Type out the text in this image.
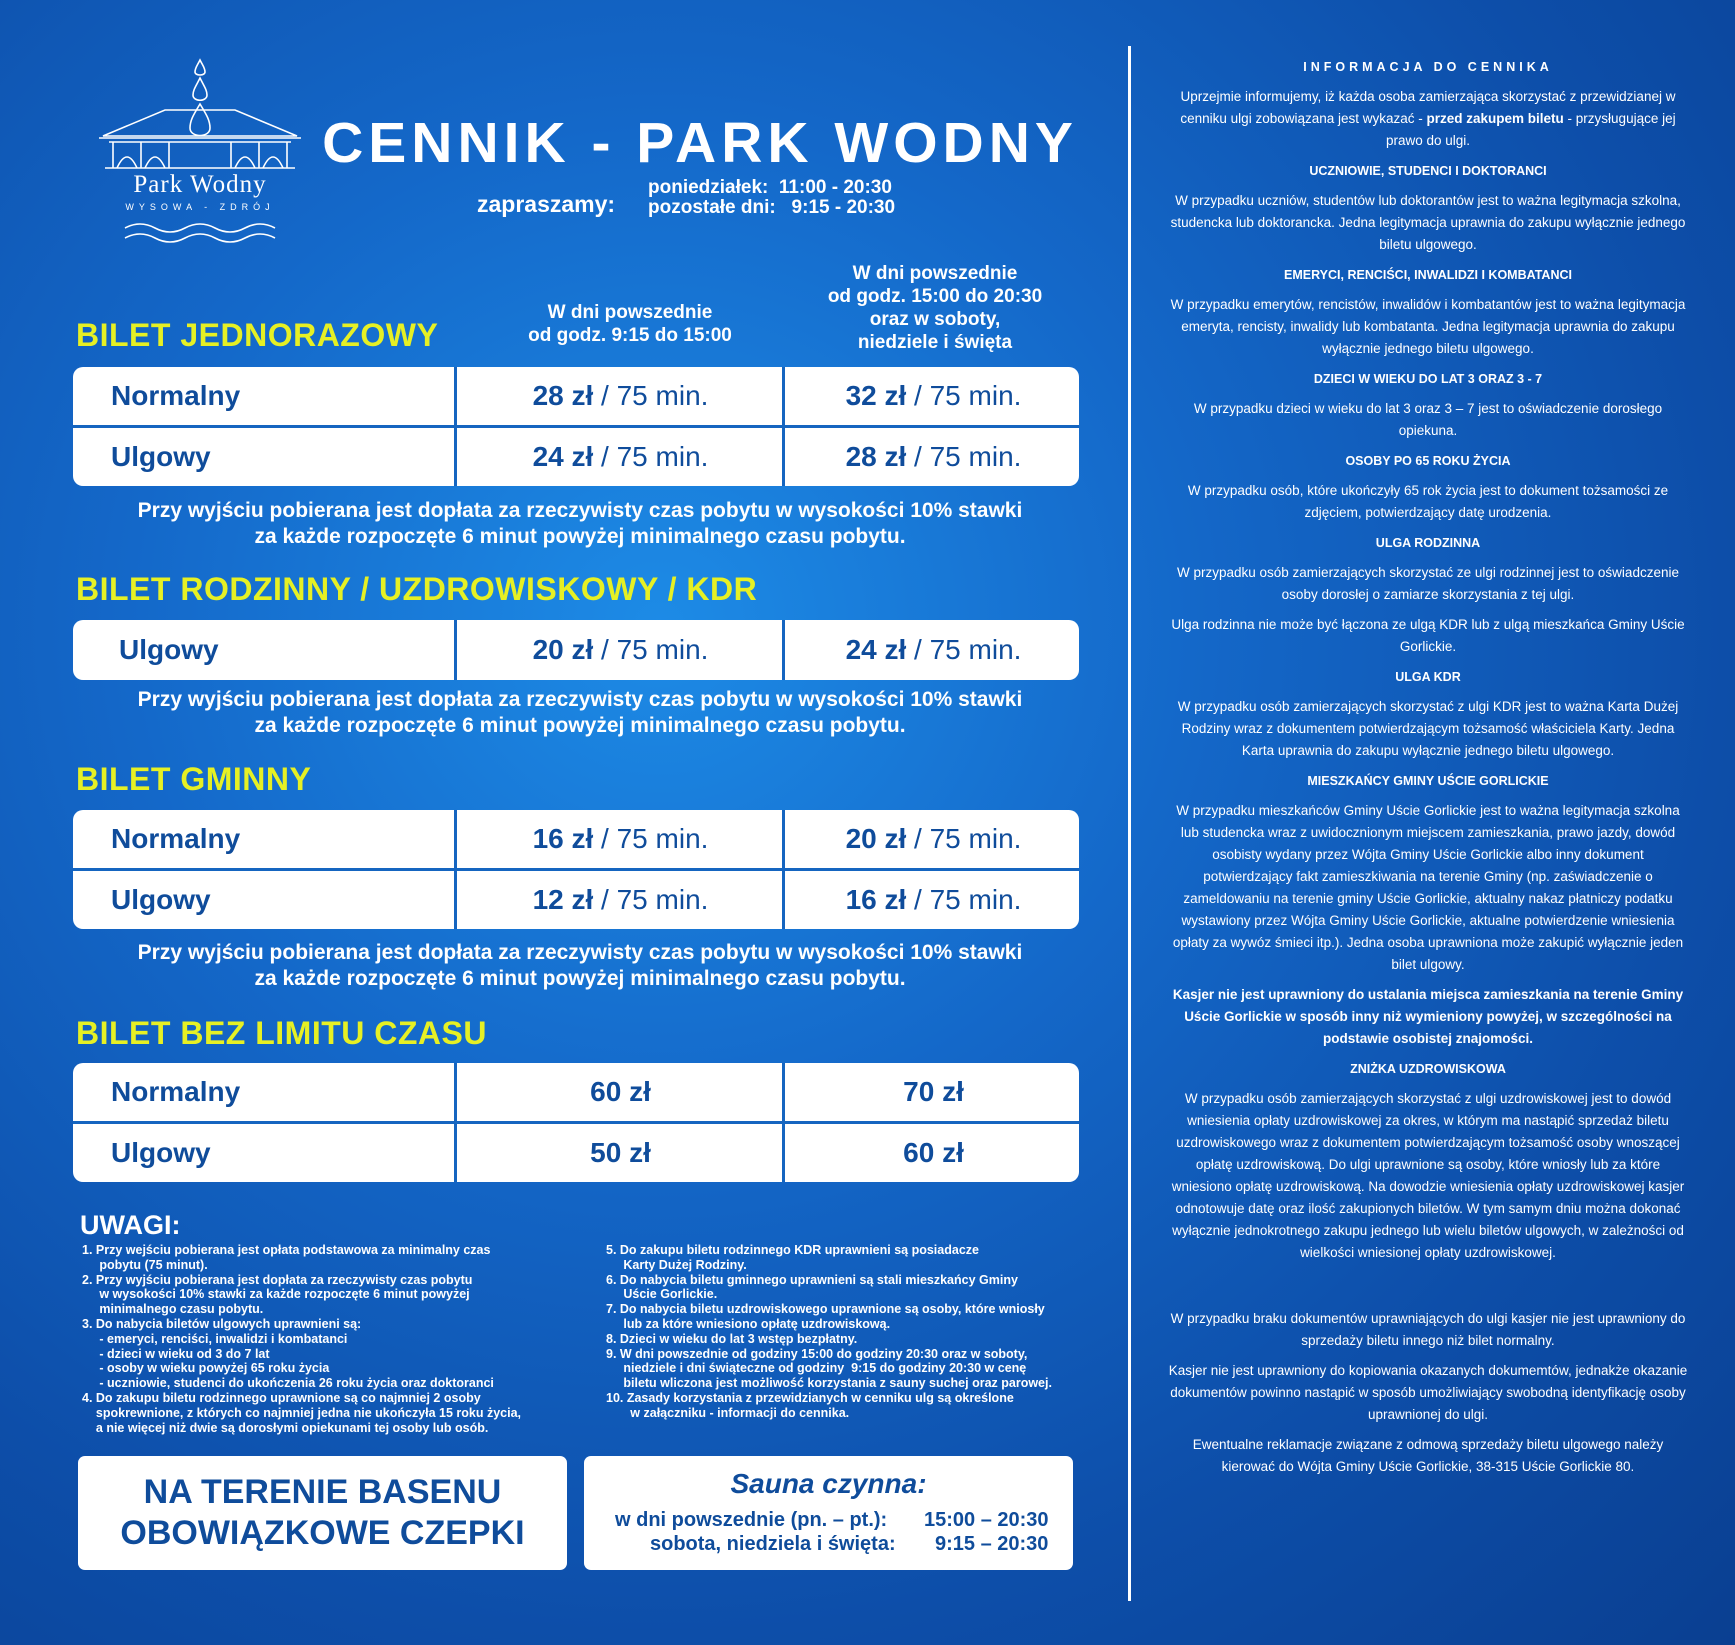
Park Wodny
WYSOWA - ZDRÓJ
CENNIK - PARK WODNY
zapraszamy:
poniedziałek:  11:00 - 20:30
pozostałe dni:   9:15 - 20:30
W dni powszednie
od godz. 9:15 do 15:00
W dni powszednie
od godz. 15:00 do 20:30
oraz w soboty,
niedziele i święta
BILET JEDNORAZOWY
Normalny	28 zł / 75 min.	32 zł / 75 min.
Ulgowy	24 zł / 75 min.	28 zł / 75 min.
Przy wyjściu pobierana jest dopłata za rzeczywisty czas pobytu w wysokości 10% stawki
za każde rozpoczęte 6 minut powyżej minimalnego czasu pobytu.
BILET RODZINNY / UZDROWISKOWY / KDR
Ulgowy	20 zł / 75 min.	24 zł / 75 min.
Przy wyjściu pobierana jest dopłata za rzeczywisty czas pobytu w wysokości 10% stawki
za każde rozpoczęte 6 minut powyżej minimalnego czasu pobytu.
BILET GMINNY
Normalny	16 zł / 75 min.	20 zł / 75 min.
Ulgowy	12 zł / 75 min.	16 zł / 75 min.
Przy wyjściu pobierana jest dopłata za rzeczywisty czas pobytu w wysokości 10% stawki
za każde rozpoczęte 6 minut powyżej minimalnego czasu pobytu.
BILET BEZ LIMITU CZASU
Normalny	60 zł	70 zł
Ulgowy	50 zł	60 zł
UWAGI:
1. Przy wejściu pobierana jest opłata podstawowa za minimalny czas
pobytu (75 minut).
2. Przy wyjściu pobierana jest dopłata za rzeczywisty czas pobytu
w wysokości 10% stawki za każde rozpoczęte 6 minut powyżej
minimalnego czasu pobytu.
3. Do nabycia biletów ulgowych uprawnieni są:
- emeryci, renciści, inwalidzi i kombatanci
- dzieci w wieku od 3 do 7 lat
- osoby w wieku powyżej 65 roku życia
- uczniowie, studenci do ukończenia 26 roku życia oraz doktoranci
4. Do zakupu biletu rodzinnego uprawnione są co najmniej 2 osoby
spokrewnione, z których co najmniej jedna nie ukończyła 15 roku życia,
a nie więcej niż dwie są dorosłymi opiekunami tej osoby lub osób.
5. Do zakupu biletu rodzinnego KDR uprawnieni są posiadacze
Karty Dużej Rodziny.
6. Do nabycia biletu gminnego uprawnieni są stali mieszkańcy Gminy
Uście Gorlickie.
7. Do nabycia biletu uzdrowiskowego uprawnione są osoby, które wniosły
lub za które wniesiono opłatę uzdrowiskową.
8. Dzieci w wieku do lat 3 wstęp bezpłatny.
9. W dni powszednie od godziny 15:00 do godziny 20:30 oraz w soboty,
niedziele i dni świąteczne od godziny  9:15 do godziny 20:30 w cenę
biletu wliczona jest możliwość korzystania z sauny suchej oraz parowej.
10. Zasady korzystania z przewidzianych w cenniku ulg są określone
w załączniku - informacji do cennika.
NA TERENIE BASENU
OBOWIĄZKOWE CZEPKI
Sauna czynna:
w dni powszednie (pn. – pt.): 15:00 – 20:30
sobota, niedziela i święta: 9:15 – 20:30
INFORMACJA DO CENNIKA
Uprzejmie informujemy, iż każda osoba zamierzająca skorzystać z przewidzianej w cenniku ulgi zobowiązana jest wykazać - przed zakupem biletu - przysługujące jej prawo do ulgi.
UCZNIOWIE, STUDENCI I DOKTORANCI
W przypadku uczniów, studentów lub doktorantów jest to ważna legitymacja szkolna, studencka lub doktorancka. Jedna legitymacja uprawnia do zakupu wyłącznie jednego biletu ulgowego.
EMERYCI, RENCIŚCI, INWALIDZI I KOMBATANCI
W przypadku emerytów, rencistów, inwalidów i kombatantów jest to ważna legitymacja emeryta, rencisty, inwalidy lub kombatanta. Jedna legitymacja uprawnia do zakupu wyłącznie jednego biletu ulgowego.
DZIECI W WIEKU DO LAT 3 ORAZ 3 - 7
W przypadku dzieci w wieku do lat 3 oraz 3 – 7 jest to oświadczenie dorosłego opiekuna.
OSOBY PO 65 ROKU ŻYCIA
W przypadku osób, które ukończyły 65 rok życia jest to dokument tożsamości ze zdjęciem, potwierdzający datę urodzenia.
ULGA RODZINNA
W przypadku osób zamierzających skorzystać ze ulgi rodzinnej jest to oświadczenie osoby dorosłej o zamiarze skorzystania z tej ulgi.
Ulga rodzinna nie może być łączona ze ulgą KDR lub z ulgą mieszkańca Gminy Uście Gorlickie.
ULGA KDR
W przypadku osób zamierzających skorzystać z ulgi KDR jest to ważna Karta Dużej Rodziny wraz z dokumentem potwierdzającym tożsamość właściciela Karty. Jedna Karta uprawnia do zakupu wyłącznie jednego biletu ulgowego.
MIESZKAŃCY GMINY UŚCIE GORLICKIE
W przypadku mieszkańców Gminy Uście Gorlickie jest to ważna legitymacja szkolna lub studencka wraz z uwidocznionym miejscem zamieszkania, prawo jazdy, dowód osobisty wydany przez Wójta Gminy Uście Gorlickie albo inny dokument potwierdzający fakt zamieszkiwania na terenie Gminy (np. zaświadczenie o zameldowaniu na terenie gminy Uście Gorlickie, aktualny nakaz płatniczy podatku wystawiony przez Wójta Gminy Uście Gorlickie, aktualne potwierdzenie wniesienia opłaty za wywóz śmieci itp.). Jedna osoba uprawniona może zakupić wyłącznie jeden bilet ulgowy.
Kasjer nie jest uprawniony do ustalania miejsca zamieszkania na terenie Gminy Uście Gorlickie w sposób inny niż wymieniony powyżej, w szczególności na podstawie osobistej znajomości.
ZNIŻKA UZDROWISKOWA
W przypadku osób zamierzających skorzystać z ulgi uzdrowiskowej jest to dowód wniesienia opłaty uzdrowiskowej za okres, w którym ma nastąpić sprzedaż biletu uzdrowiskowego wraz z dokumentem potwierdzającym tożsamość osoby wnoszącej opłatę uzdrowiskową. Do ulgi uprawnione są osoby, które wniosły lub za które wniesiono opłatę uzdrowiskową. Na dowodzie wniesienia opłaty uzdrowiskowej kasjer odnotowuje datę oraz ilość zakupionych biletów. W tym samym dniu można dokonać wyłącznie jednokrotnego zakupu jednego lub wielu biletów ulgowych, w zależności od wielkości wniesionej opłaty uzdrowiskowej.
W przypadku braku dokumentów uprawniających do ulgi kasjer nie jest uprawniony do sprzedaży biletu innego niż bilet normalny.
Kasjer nie jest uprawniony do kopiowania okazanych dokumemtów, jednakże okazanie dokumentów powinno nastąpić w sposób umożliwiający swobodną identyfikację osoby uprawnionej do ulgi.
Ewentualne reklamacje związane z odmową sprzedaży biletu ulgowego należy kierować do Wójta Gminy Uście Gorlickie, 38-315 Uście Gorlickie 80.
